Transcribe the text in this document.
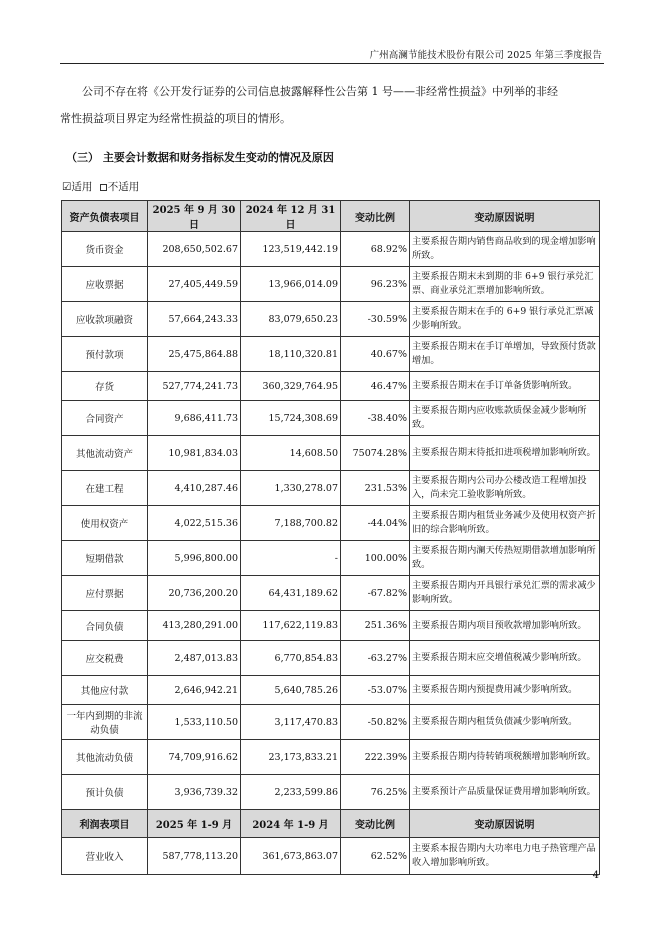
广州高澜节能技术股份有限公司 2025 年第三季度报告

公司不存在将《公开发行证券的公司信息披露解释性公告第 1 号——非经常性损益》中列举的非经

常性损益项目界定为经常性损益的项目的情形。

（三） 主要会计数据和财务指标发生变动的情况及原因
☑适用 不适用
资产负债表项目	2025 年 9 月 30 日	2024 年 12 月 31 日	变动比例	变动原因说明
货币资金	208,650,502.67	123,519,442.19	68.92%	主要系报告期内销售商品收到的现金增加影响所致。
应收票据	27,405,449.59	13,966,014.09	96.23%	主要系报告期末未到期的非 6+9 银行承兑汇票、商业承兑汇票增加影响所致。
应收款项融资	57,664,243.33	83,079,650.23	-30.59%	主要系报告期末在手的 6+9 银行承兑汇票减少影响所致。
预付款项	25,475,864.88	18,110,320.81	40.67%	主要系报告期末在手订单增加，导致预付货款增加。
存货	527,774,241.73	360,329,764.95	46.47%	主要系报告期末在手订单备货影响所致。
合同资产	9,686,411.73	15,724,308.69	-38.40%	主要系报告期内应收账款质保金减少影响所致。
其他流动资产	10,981,834.03	14,608.50	75074.28%	主要系报告期末待抵扣进项税增加影响所致。
在建工程	4,410,287.46	1,330,278.07	231.53%	主要系报告期内公司办公楼改造工程增加投入，尚未完工验收影响所致。
使用权资产	4,022,515.36	7,188,700.82	-44.04%	主要系报告期内租赁业务减少及使用权资产折旧的综合影响所致。
短期借款	5,996,800.00	-	100.00%	主要系报告期内澜天传热短期借款增加影响所致。
应付票据	20,736,200.20	64,431,189.62	-67.82%	主要系报告期内开具银行承兑汇票的需求减少影响所致。
合同负债	413,280,291.00	117,622,119.83	251.36%	主要系报告期内项目预收款增加影响所致。
应交税费	2,487,013.83	6,770,854.83	-63.27%	主要系报告期末应交增值税减少影响所致。
其他应付款	2,646,942.21	5,640,785.26	-53.07%	主要系报告期内预提费用减少影响所致。
一年内到期的非流动负债	1,533,110.50	3,117,470.83	-50.82%	主要系报告期内租赁负债减少影响所致。
其他流动负债	74,709,916.62	23,173,833.21	222.39%	主要系报告期内待转销项税额增加影响所致。
预计负债	3,936,739.32	2,233,599.86	76.25%	主要系预计产品质量保证费用增加影响所致。
利润表项目	2025 年 1-9 月	2024 年 1-9 月	变动比例	变动原因说明
营业收入	587,778,113.20	361,673,863.07	62.52%	主要系本报告期内大功率电力电子热管理产品收入增加影响所致。
4
